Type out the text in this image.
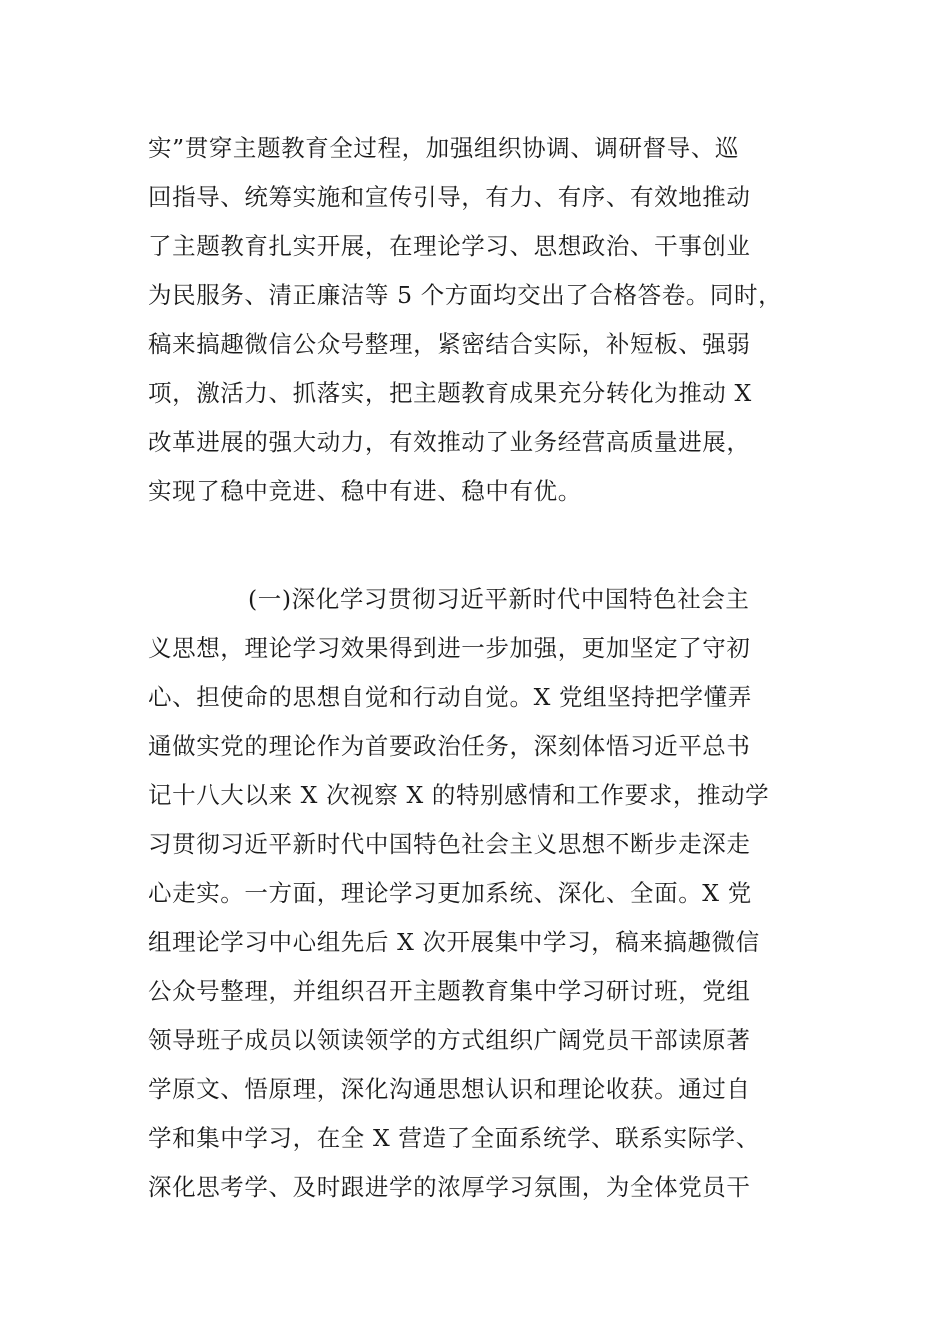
实”贯穿主题教育全过程，加强组织协调、调研督导、巡
回指导、统筹实施和宣传引导，有力、有序、有效地推动
了主题教育扎实开展，在理论学习、思想政治、干事创业
为民服务、清正廉洁等 5 个方面均交出了合格答卷。同时，
稿来搞趣微信公众号整理，紧密结合实际，补短板、强弱
项，激活力、抓落实，把主题教育成果充分转化为推动 X
改革进展的强大动力，有效推动了业务经营高质量进展，
实现了稳中竞进、稳中有进、稳中有优。
(一)深化学习贯彻习近平新时代中国特色社会主
义思想，理论学习效果得到进一步加强，更加坚定了守初
心、担使命的思想自觉和行动自觉。X 党组坚持把学懂弄
通做实党的理论作为首要政治任务，深刻体悟习近平总书
记十八大以来 X 次视察 X 的特别感情和工作要求，推动学
习贯彻习近平新时代中国特色社会主义思想不断步走深走
心走实。一方面，理论学习更加系统、深化、全面。X 党
组理论学习中心组先后 X 次开展集中学习，稿来搞趣微信
公众号整理，并组织召开主题教育集中学习研讨班，党组
领导班子成员以领读领学的方式组织广阔党员干部读原著
学原文、悟原理，深化沟通思想认识和理论收获。通过自
学和集中学习，在全 X 营造了全面系统学、联系实际学、
深化思考学、及时跟进学的浓厚学习氛围，为全体党员干
